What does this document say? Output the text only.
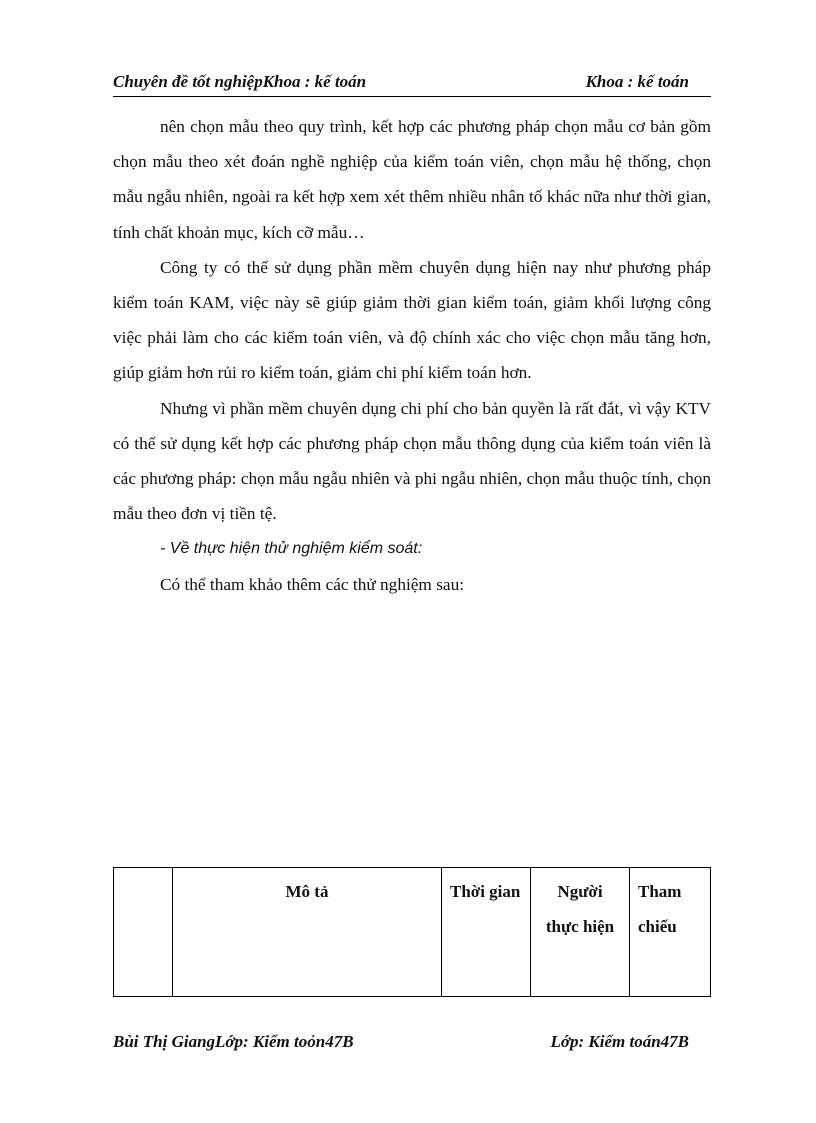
Chuyên đề tốt nghiệpKhoa : kế toán	Khoa : kế toán

nên chọn mẫu theo quy trình, kết hợp các phương pháp chọn mẫu cơ bản gồm chọn mẫu theo xét đoán nghề nghiệp của kiểm toán viên, chọn mẫu hệ thống, chọn mẫu ngẫu nhiên, ngoài ra kết hợp xem xét thêm nhiều nhân tố khác nữa như thời gian, tính chất khoản mục, kích cỡ mẫu…

Công ty có thể sử dụng phần mềm chuyên dụng hiện nay như phương pháp kiểm toán KAM, việc này sẽ giúp giảm thời gian kiểm toán, giảm khối lượng công việc phải làm cho các kiểm toán viên, và độ chính xác cho việc chọn mẫu tăng hơn, giúp giảm hơn rủi ro kiểm toán, giảm chi phí kiểm toán hơn.

Nhưng vì phần mềm chuyên dụng chi phí cho bản quyền là rất đắt, vì vậy KTV có thể sử dụng kết hợp các phương pháp chọn mẫu thông dụng của kiểm toán viên là các phương pháp: chọn mẫu ngẫu nhiên và phi ngẫu nhiên, chọn mẫu thuộc tính, chọn mẫu theo đơn vị tiền tệ.

- Về thực hiện thử nghiệm kiểm soát:

Có thể tham khảo thêm các thử nghiệm sau:

	Mô tả	Thời gian	Người thực hiện	Tham chiếu
Bùi Thị GiangLớp: Kiểm toỏn47B	Lớp: Kiểm toán47B
